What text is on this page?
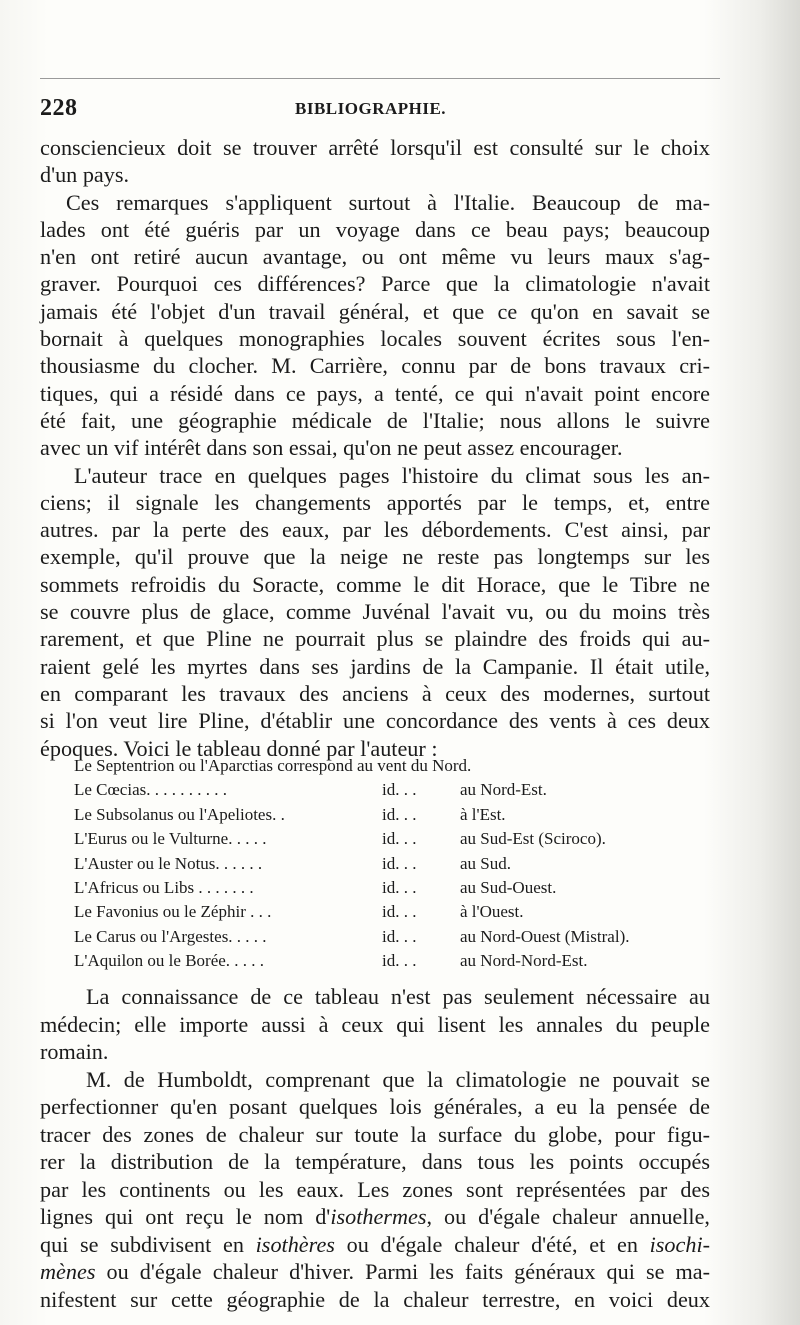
228	BIBLIOGRAPHIE.
conscienciеux doit se trouver arrêté lorsqu'il est consulté sur le choix
d'un pays.
Ces remarques s'appliquent surtout à l'Italie. Beaucoup de ma-
lades ont été guéris par un voyage dans ce beau pays; beaucoup
n'en ont retiré aucun avantage, ou ont même vu leurs maux s'ag-
graver. Pourquoi ces différences? Parce que la climatologie n'avait
jamais été l'objet d'un travail général, et que ce qu'on en savait se
bornait à quelques monographies locales souvent écrites sous l'en-
thousiasme du clocher. M. Carrière, connu par de bons travaux cri-
tiques, qui a résidé dans ce pays, a tenté, ce qui n'avait point encore
été fait, une géographie médicale de l'Italie; nous allons le suivre
avec un vif intérêt dans son essai, qu'on ne peut assez encourager.
L'auteur trace en quelques pages l'histoire du climat sous les an-
ciens; il signale les changements apportés par le temps, et, entre
autres. par la perte des eaux, par les débordements. C'est ainsi, par
exemple, qu'il prouve que la neige ne reste pas longtemps sur les
sommets refroidis du Soracte, comme le dit Horace, que le Tibre ne
se couvre plus de glace, comme Juvénal l'avait vu, ou du moins très
rarement, et que Pline ne pourrait plus se plaindre des froids qui au-
raient gelé les myrtes dans ses jardins de la Campanie. Il était utile,
en comparant les travaux des anciens à ceux des modernes, surtout
si l'on veut lire Pline, d'établir une concordance des vents à ces deux
époques. Voici le tableau donné par l'auteur :
Le Septentrion ou l'Aparctias correspond au vent du Nord.
Le Cœcias. . . . . . . . . .	id. . .	au Nord-Est.
Le Subsolanus ou l'Apeliotes. .	id. . .	à l'Est.
L'Eurus ou le Vulturne. . . . .	id. . .	au Sud-Est (Sciroco).
L'Auster ou le Notus. . . . . .	id. . .	au Sud.
L'Africus ou Libs . . . . . . .	id. . .	au Sud-Ouest.
Le Favonius ou le Zéphir . . .	id. . .	à l'Ouest.
Le Carus ou l'Argestes. . . . .	id. . .	au Nord-Ouest (Mistral).
L'Aquilon ou le Borée. . . . .	id. . .	au Nord-Nord-Est.
La connaissance de ce tableau n'est pas seulement nécessaire au
médecin; elle importe aussi à ceux qui lisent les annales du peuple
romain.
M. de Humboldt, comprenant que la climatologie ne pouvait se
perfectionner qu'en posant quelques lois générales, a eu la pensée de
tracer des zones de chaleur sur toute la surface du globe, pour figu-
rer la distribution de la température, dans tous les points occupés
par les continents ou les eaux. Les zones sont représentées par des
lignes qui ont reçu le nom d'isothermes, ou d'égale chaleur annuelle,
qui se subdivisent en isothères ou d'égale chaleur d'été, et en isochi-
mènes ou d'égale chaleur d'hiver. Parmi les faits généraux qui se ma-
nifestent sur cette géographie de la chaleur terrestre, en voici deux
